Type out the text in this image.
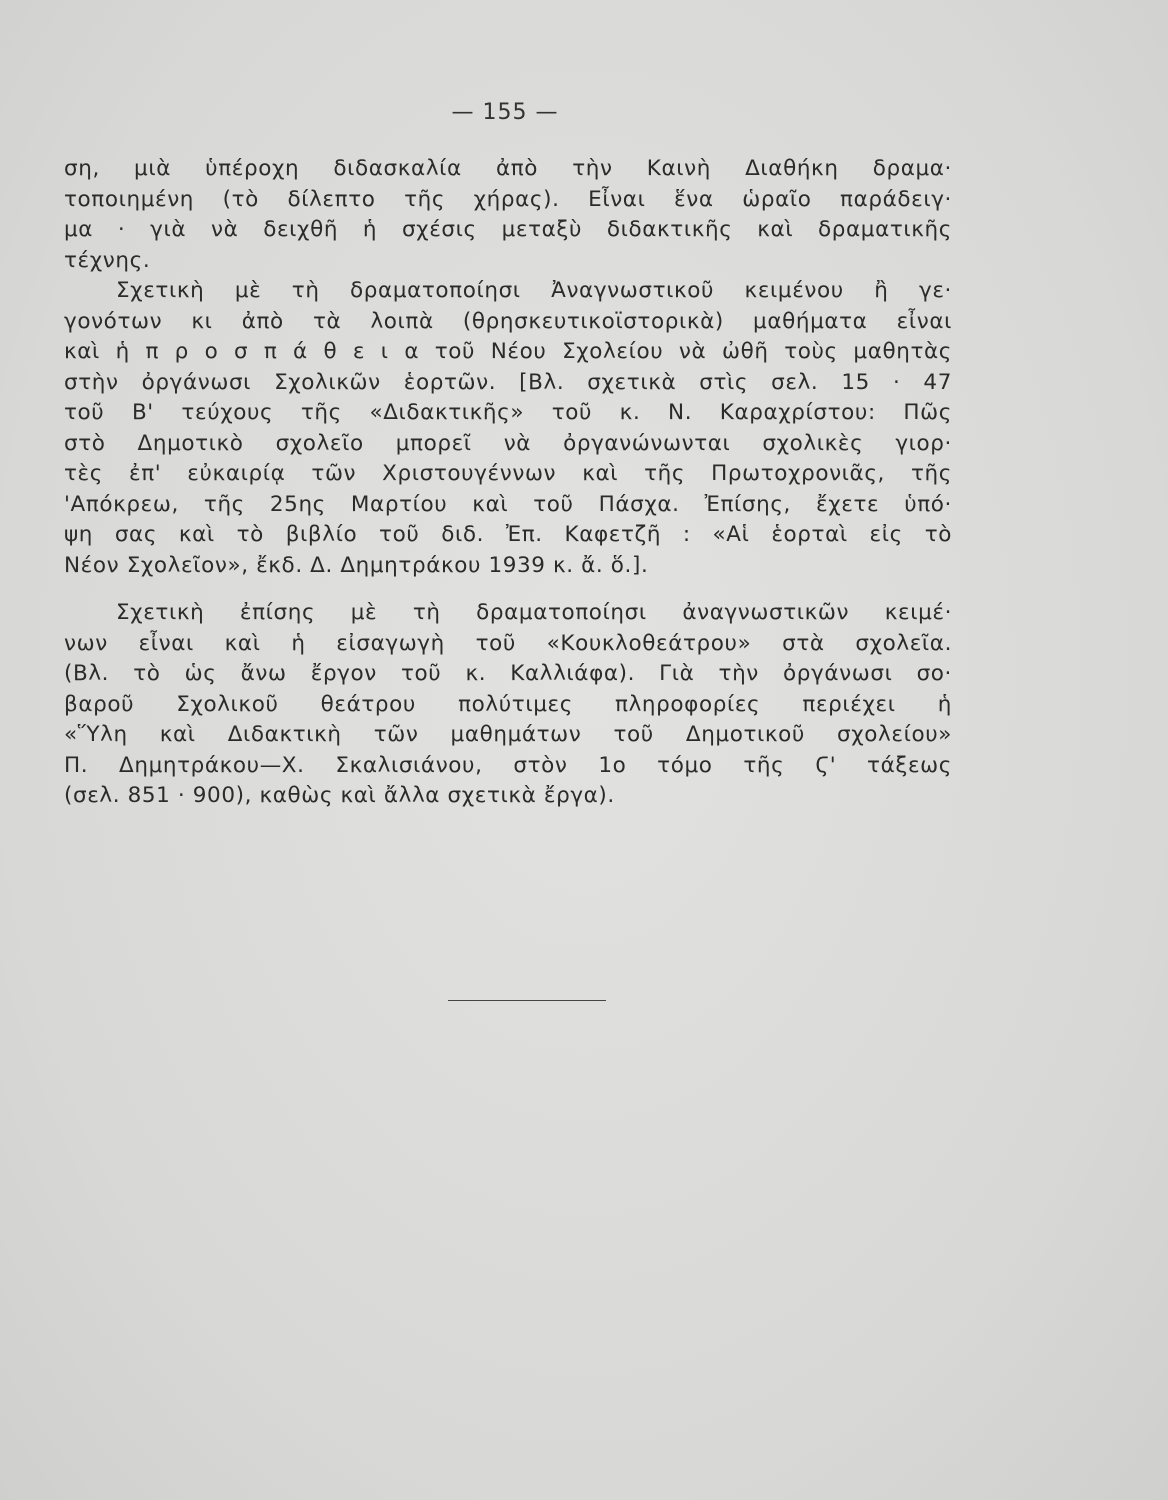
— 155 —
ση, μιὰ ὑπέροχη διδασκαλία ἀπὸ τὴν Καινὴ Διαθήκη δραμα·
τοποιημένη (τὸ δίλεπτο τῆς χήρας). Εἶναι ἕνα ὡραῖο παράδειγ·
μα · γιὰ νὰ δειχθῆ ἡ σχέσις μεταξὺ διδακτικῆς καὶ δραματικῆς
τέχνης.
Σχετικὴ μὲ τὴ δραματοποίησι Ἀναγνωστικοῦ κειμένου ἢ γε·
γονότων κι ἀπὸ τὰ λοιπὰ (θρησκευτικοϊστορικὰ) μαθήματα εἶναι
καὶ ἡ π ρ ο σ π ά θ ε ι α τοῦ Νέου Σχολείου νὰ ὠθῆ τοὺς μαθητὰς
στὴν ὀργάνωσι Σχολικῶν ἑορτῶν. [Βλ. σχετικὰ στὶς σελ. 15 · 47
τοῦ Β' τεύχους τῆς «Διδακτικῆς» τοῦ κ. Ν. Καραχρίστου: Πῶς
στὸ Δημοτικὸ σχολεῖο μπορεῖ νὰ ὀργανώνωνται σχολικὲς γιορ·
τὲς ἐπ' εὐκαιρίᾳ τῶν Χριστουγέννων καὶ τῆς Πρωτοχρονιᾶς, τῆς
'Απόκρεω, τῆς 25ης Μαρτίου καὶ τοῦ Πάσχα. Ἐπίσης, ἔχετε ὑπό·
ψη σας καὶ τὸ βιβλίο τοῦ διδ. Ἐπ. Καφετζῆ : «Αἱ ἑορταὶ εἰς τὸ
Νέον Σχολεῖον», ἔκδ. Δ. Δημητράκου 1939 κ. ἄ. ὅ.].
Σχετικὴ ἐπίσης μὲ τὴ δραματοποίησι ἀναγνωστικῶν κειμέ·
νων εἶναι καὶ ἡ εἰσαγωγὴ τοῦ «Κουκλοθεάτρου» στὰ σχολεῖα.
(Βλ. τὸ ὡς ἄνω ἔργον τοῦ κ. Καλλιάφα). Γιὰ τὴν ὀργάνωσι σο·
βαροῦ Σχολικοῦ θεάτρου πολύτιμες πληροφορίες περιέχει ἡ
«Ὕλη καὶ Διδακτικὴ τῶν μαθημάτων τοῦ Δημοτικοῦ σχολείου»
Π. Δημητράκου—Χ. Σκαλισιάνου, στὸν 1ο τόμο τῆς Ϛ' τάξεως
(σελ. 851 · 900), καθὼς καὶ ἄλλα σχετικὰ ἔργα).
